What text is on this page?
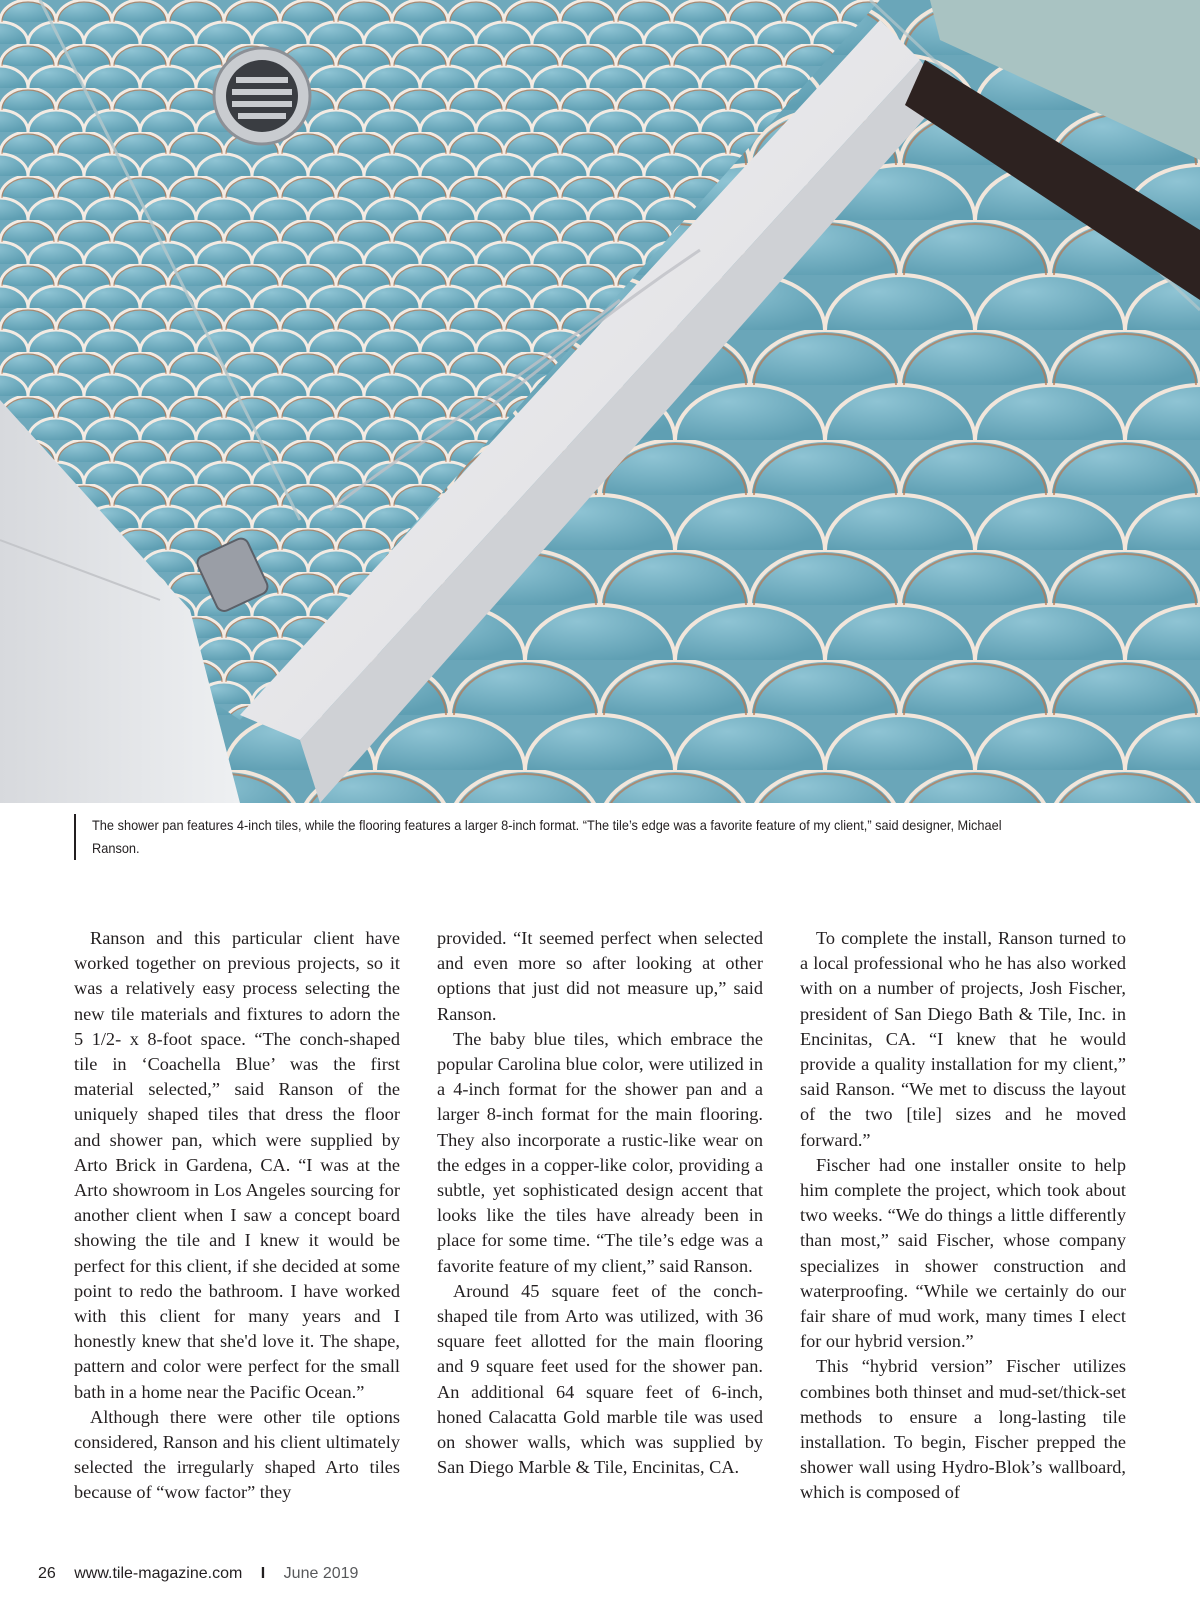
The shower pan features 4-inch tiles, while the flooring features a larger 8-inch format. “The tile’s edge was a favorite feature of my client,” said designer, Michael Ranson.

Ranson and this particular client have worked together on previous projects, so it was a relatively easy process selecting the new tile materials and fixtures to adorn the 5 1/2- x 8-foot space. “The conch-shaped tile in ‘Coachella Blue’ was the first material selected,” said Ranson of the uniquely shaped tiles that dress the floor and shower pan, which were supplied by Arto Brick in Gardena, CA. “I was at the Arto showroom in Los Angeles sourcing for another client when I saw a concept board showing the tile and I knew it would be perfect for this client, if she decided at some point to redo the bathroom. I have worked with this client for many years and I honestly knew that she'd love it. The shape, pattern and color were perfect for the small bath in a home near the Pacific Ocean.”

Although there were other tile options considered, Ranson and his client ultimately selected the irregularly shaped Arto tiles because of “wow factor” they

provided. “It seemed perfect when selected and even more so after looking at other options that just did not measure up,” said Ranson.

The baby blue tiles, which embrace the popular Carolina blue color, were utilized in a 4-inch format for the shower pan and a larger 8-inch format for the main flooring. They also incorporate a rustic-like wear on the edges in a copper-like color, providing a subtle, yet sophisticated design accent that looks like the tiles have already been in place for some time. “The tile’s edge was a favorite feature of my client,” said Ranson.

Around 45 square feet of the conch-shaped tile from Arto was utilized, with 36 square feet allotted for the main flooring and 9 square feet used for the shower pan. An additional 64 square feet of 6-inch, honed Calacatta Gold marble tile was used on shower walls, which was supplied by San Diego Marble & Tile, Encinitas, CA.

To complete the install, Ranson turned to a local professional who he has also worked with on a number of projects, Josh Fischer, president of San Diego Bath & Tile, Inc. in Encinitas, CA. “I knew that he would provide a quality installation for my client,” said Ranson. “We met to discuss the layout of the two [tile] sizes and he moved forward.”

Fischer had one installer onsite to help him complete the project, which took about two weeks. “We do things a little differently than most,” said Fischer, whose company specializes in shower construction and waterproofing. “While we certainly do our fair share of mud work, many times I elect for our hybrid version.”

This “hybrid version” Fischer utilizes combines both thinset and mud-set/thick-set methods to ensure a long-lasting tile installation. To begin, Fischer prepped the shower wall using Hydro-Blok’s wallboard, which is composed of

26 www.tile-magazine.com I June 2019
